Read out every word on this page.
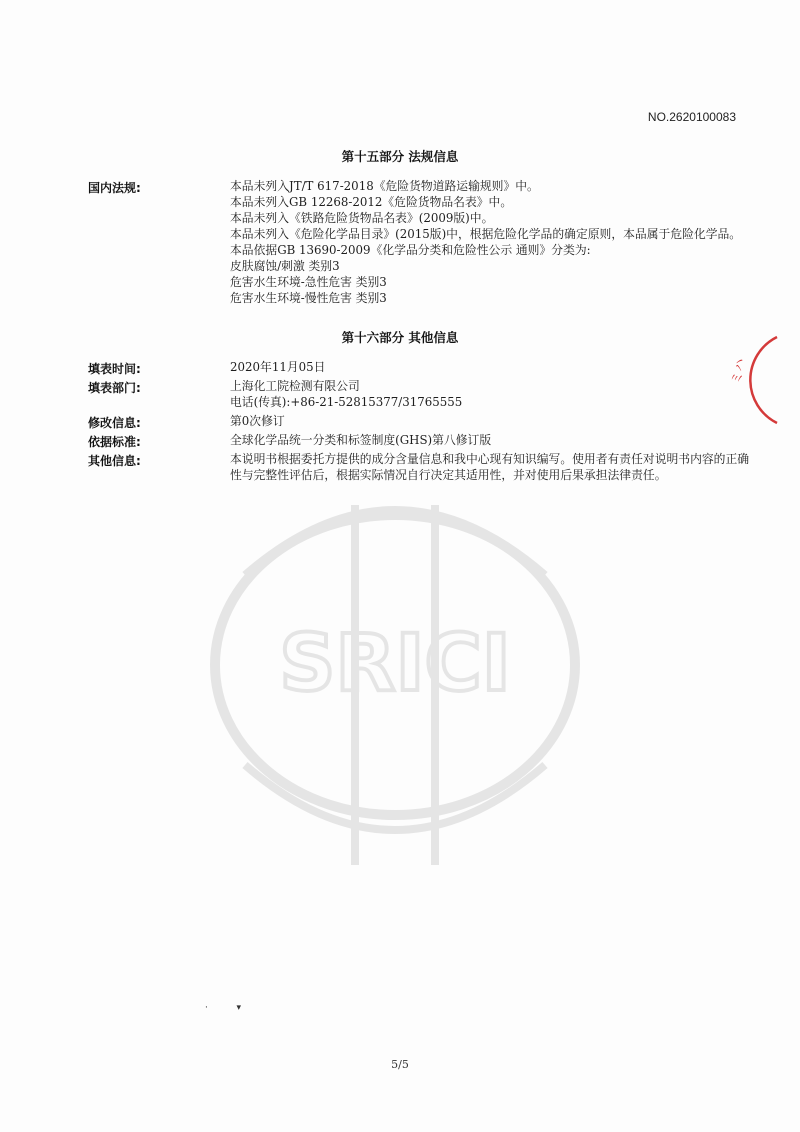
SRICI
ミハ
NO.2620100083
第十五部分 法规信息
国内法规:	本品未列入JT/T 617-2018《危险货物道路运输规则》中。
本品未列入GB 12268-2012《危险货物品名表》中。
本品未列入《铁路危险货物品名表》(2009版)中。
本品未列入《危险化学品目录》(2015版)中，根据危险化学品的确定原则，本品属于危险化学品。
本品依据GB 13690-2009《化学品分类和危险性公示 通则》分类为:
皮肤腐蚀/刺激 类别3
危害水生环境-急性危害 类别3
危害水生环境-慢性危害 类别3
第十六部分 其他信息
填表时间:	2020年11月05日
填表部门:	上海化工院检测有限公司
电话(传真):+86-21-52815377/31765555
修改信息:	第0次修订
依据标准:	全球化学品统一分类和标签制度(GHS)第八修订版
其他信息:	本说明书根据委托方提供的成分含量信息和我中心现有知识编写。使用者有责任对说明书内容的正确性与完整性评估后，根据实际情况自行决定其适用性，并对使用后果承担法律责任。
·          ▾
5/5
